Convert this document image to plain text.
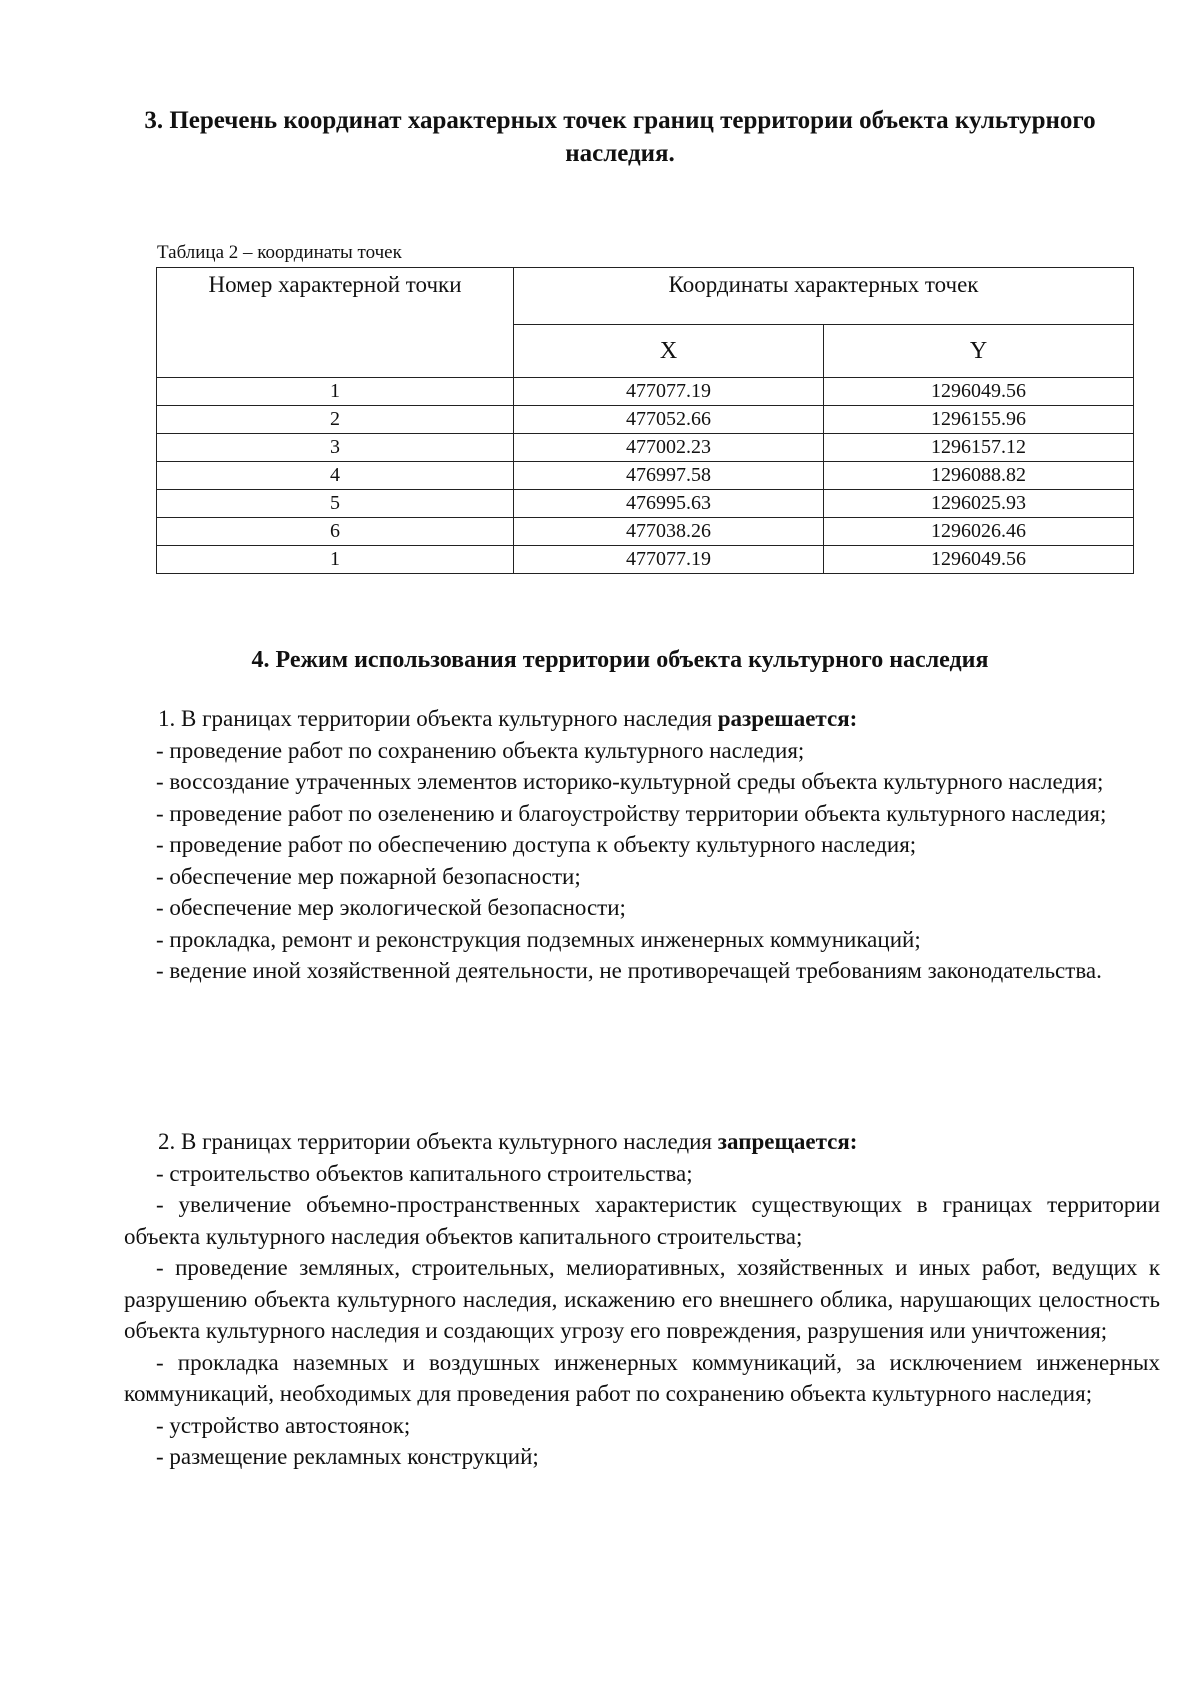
3. Перечень координат характерных точек границ территории объекта культурного наследия.
Таблица 2 – координаты точек
Номер характерной точки	Координаты характерных точек	
	X	Y
1	477077.19	1296049.56
2	477052.66	1296155.96
3	477002.23	1296157.12
4	476997.58	1296088.82
5	476995.63	1296025.93
6	477038.26	1296026.46
1	477077.19	1296049.56
4. Режим использования территории объекта культурного наследия

1. В границах территории объекта культурного наследия разрешается:

- проведение работ по сохранению объекта культурного наследия;

- воссоздание утраченных элементов историко-культурной среды объекта культурного наследия;

- проведение работ по озеленению и благоустройству территории объекта культурного наследия;

- проведение работ по обеспечению доступа к объекту культурного наследия;

- обеспечение мер пожарной безопасности;

- обеспечение мер экологической безопасности;

- прокладка, ремонт и реконструкция подземных инженерных коммуникаций;

- ведение иной хозяйственной деятельности, не противоречащей требованиям законодательства.

2. В границах территории объекта культурного наследия запрещается:

- строительство объектов капитального строительства;

- увеличение объемно-пространственных характеристик существующих в границах территории объекта культурного наследия объектов капитального строительства;

- проведение земляных, строительных, мелиоративных, хозяйственных и иных работ, ведущих к разрушению объекта культурного наследия, искажению его внешнего облика, нарушающих целостность объекта культурного наследия и создающих угрозу его повреждения, разрушения или уничтожения;

- прокладка наземных и воздушных инженерных коммуникаций, за исключением инженерных коммуникаций, необходимых для проведения работ по сохранению объекта культурного наследия;

- устройство автостоянок;

- размещение рекламных конструкций;
